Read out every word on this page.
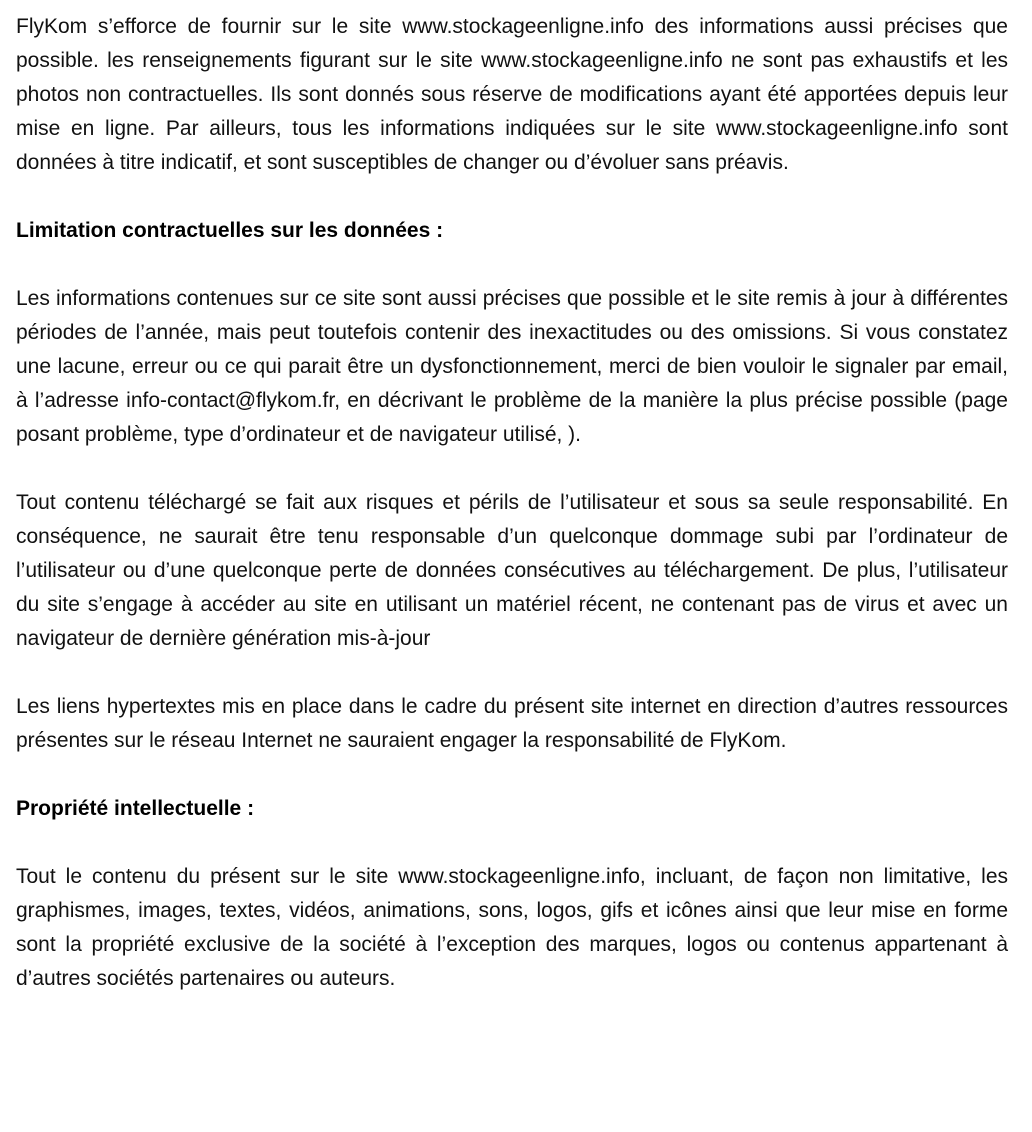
FlyKom s’efforce de fournir sur le site www.stockageenligne.info des informations aussi précises que possible. les renseignements figurant sur le site www.stockageenligne.info ne sont pas exhaustifs et les photos non contractuelles. Ils sont donnés sous réserve de modifications ayant été apportées depuis leur mise en ligne. Par ailleurs, tous les informations indiquées sur le site www.stockageenligne.info sont données à titre indicatif, et sont susceptibles de changer ou d’évoluer sans préavis.

Limitation contractuelles sur les données :

Les informations contenues sur ce site sont aussi précises que possible et le site remis à jour à différentes périodes de l’année, mais peut toutefois contenir des inexactitudes ou des omissions. Si vous constatez une lacune, erreur ou ce qui parait être un dysfonctionnement, merci de bien vouloir le signaler par email, à l’adresse info-contact@flykom.fr, en décrivant le problème de la manière la plus précise possible (page posant problème, type d’ordinateur et de navigateur utilisé, ).

Tout contenu téléchargé se fait aux risques et périls de l’utilisateur et sous sa seule responsabilité. En conséquence, ne saurait être tenu responsable d’un quelconque dommage subi par l’ordinateur de l’utilisateur ou d’une quelconque perte de données consécutives au téléchargement. De plus, l’utilisateur du site s’engage à accéder au site en utilisant un matériel récent, ne contenant pas de virus et avec un navigateur de dernière génération mis-à-jour

Les liens hypertextes mis en place dans le cadre du présent site internet en direction d’autres ressources présentes sur le réseau Internet ne sauraient engager la responsabilité de FlyKom.

Propriété intellectuelle :

Tout le contenu du présent sur le site www.stockageenligne.info, incluant, de façon non limitative, les graphismes, images, textes, vidéos, animations, sons, logos, gifs et icônes ainsi que leur mise en forme sont la propriété exclusive de la société à l’exception des marques, logos ou contenus appartenant à d’autres sociétés partenaires ou auteurs.
